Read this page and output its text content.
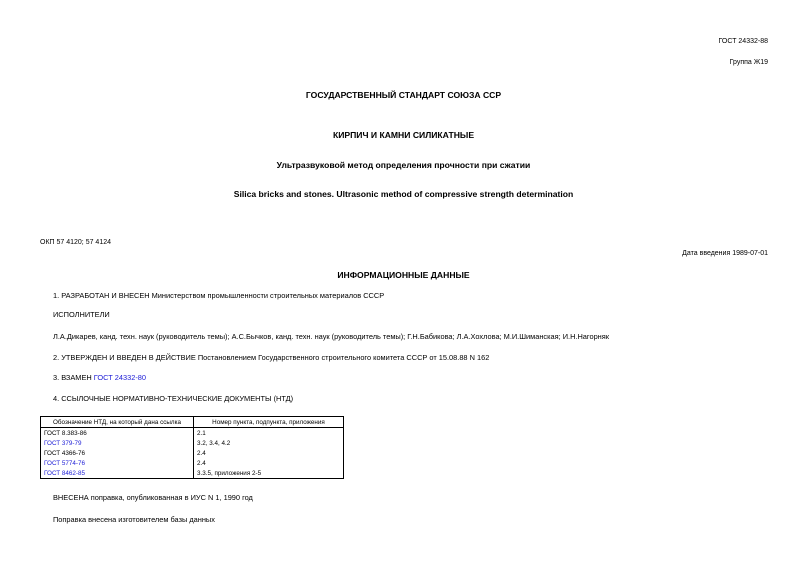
ГОСТ 24332-88
Группа Ж19
ГОСУДАРСТВЕННЫЙ СТАНДАРТ СОЮЗА ССР
КИРПИЧ И КАМНИ СИЛИКАТНЫЕ
Ультразвуковой метод определения прочности при сжатии
Silica bricks and stones. Ultrasonic method of compressive strength determination
ОКП 57 4120; 57 4124
Дата введения 1989-07-01
ИНФОРМАЦИОННЫЕ ДАННЫЕ
1. РАЗРАБОТАН И ВНЕСЕН Министерством промышленности строительных материалов СССР
ИСПОЛНИТЕЛИ
Л.А.Дикарев, канд. техн. наук (руководитель темы); А.С.Бычков, канд. техн. наук (руководитель темы); Г.Н.Бабикова; Л.А.Хохлова; М.И.Шиманская; И.Н.Нагорняк
2. УТВЕРЖДЕН И ВВЕДЕН В ДЕЙСТВИЕ Постановлением Государственного строительного комитета СССР от 15.08.88 N 162
3. ВЗАМЕН ГОСТ 24332-80
4. ССЫЛОЧНЫЕ НОРМАТИВНО-ТЕХНИЧЕСКИЕ ДОКУМЕНТЫ (НТД)
Обозначение НТД, на который дана ссылка	Номер пункта, подпункта, приложения
ГОСТ 8.383-86	2.1
ГОСТ 379-79	3.2, 3.4, 4.2
ГОСТ 4366-76	2.4
ГОСТ 5774-76	2.4
ГОСТ 8462-85	3.3.5, приложения 2-5
ВНЕСЕНА поправка, опубликованная в ИУС N 1, 1990 год
Поправка внесена изготовителем базы данных
